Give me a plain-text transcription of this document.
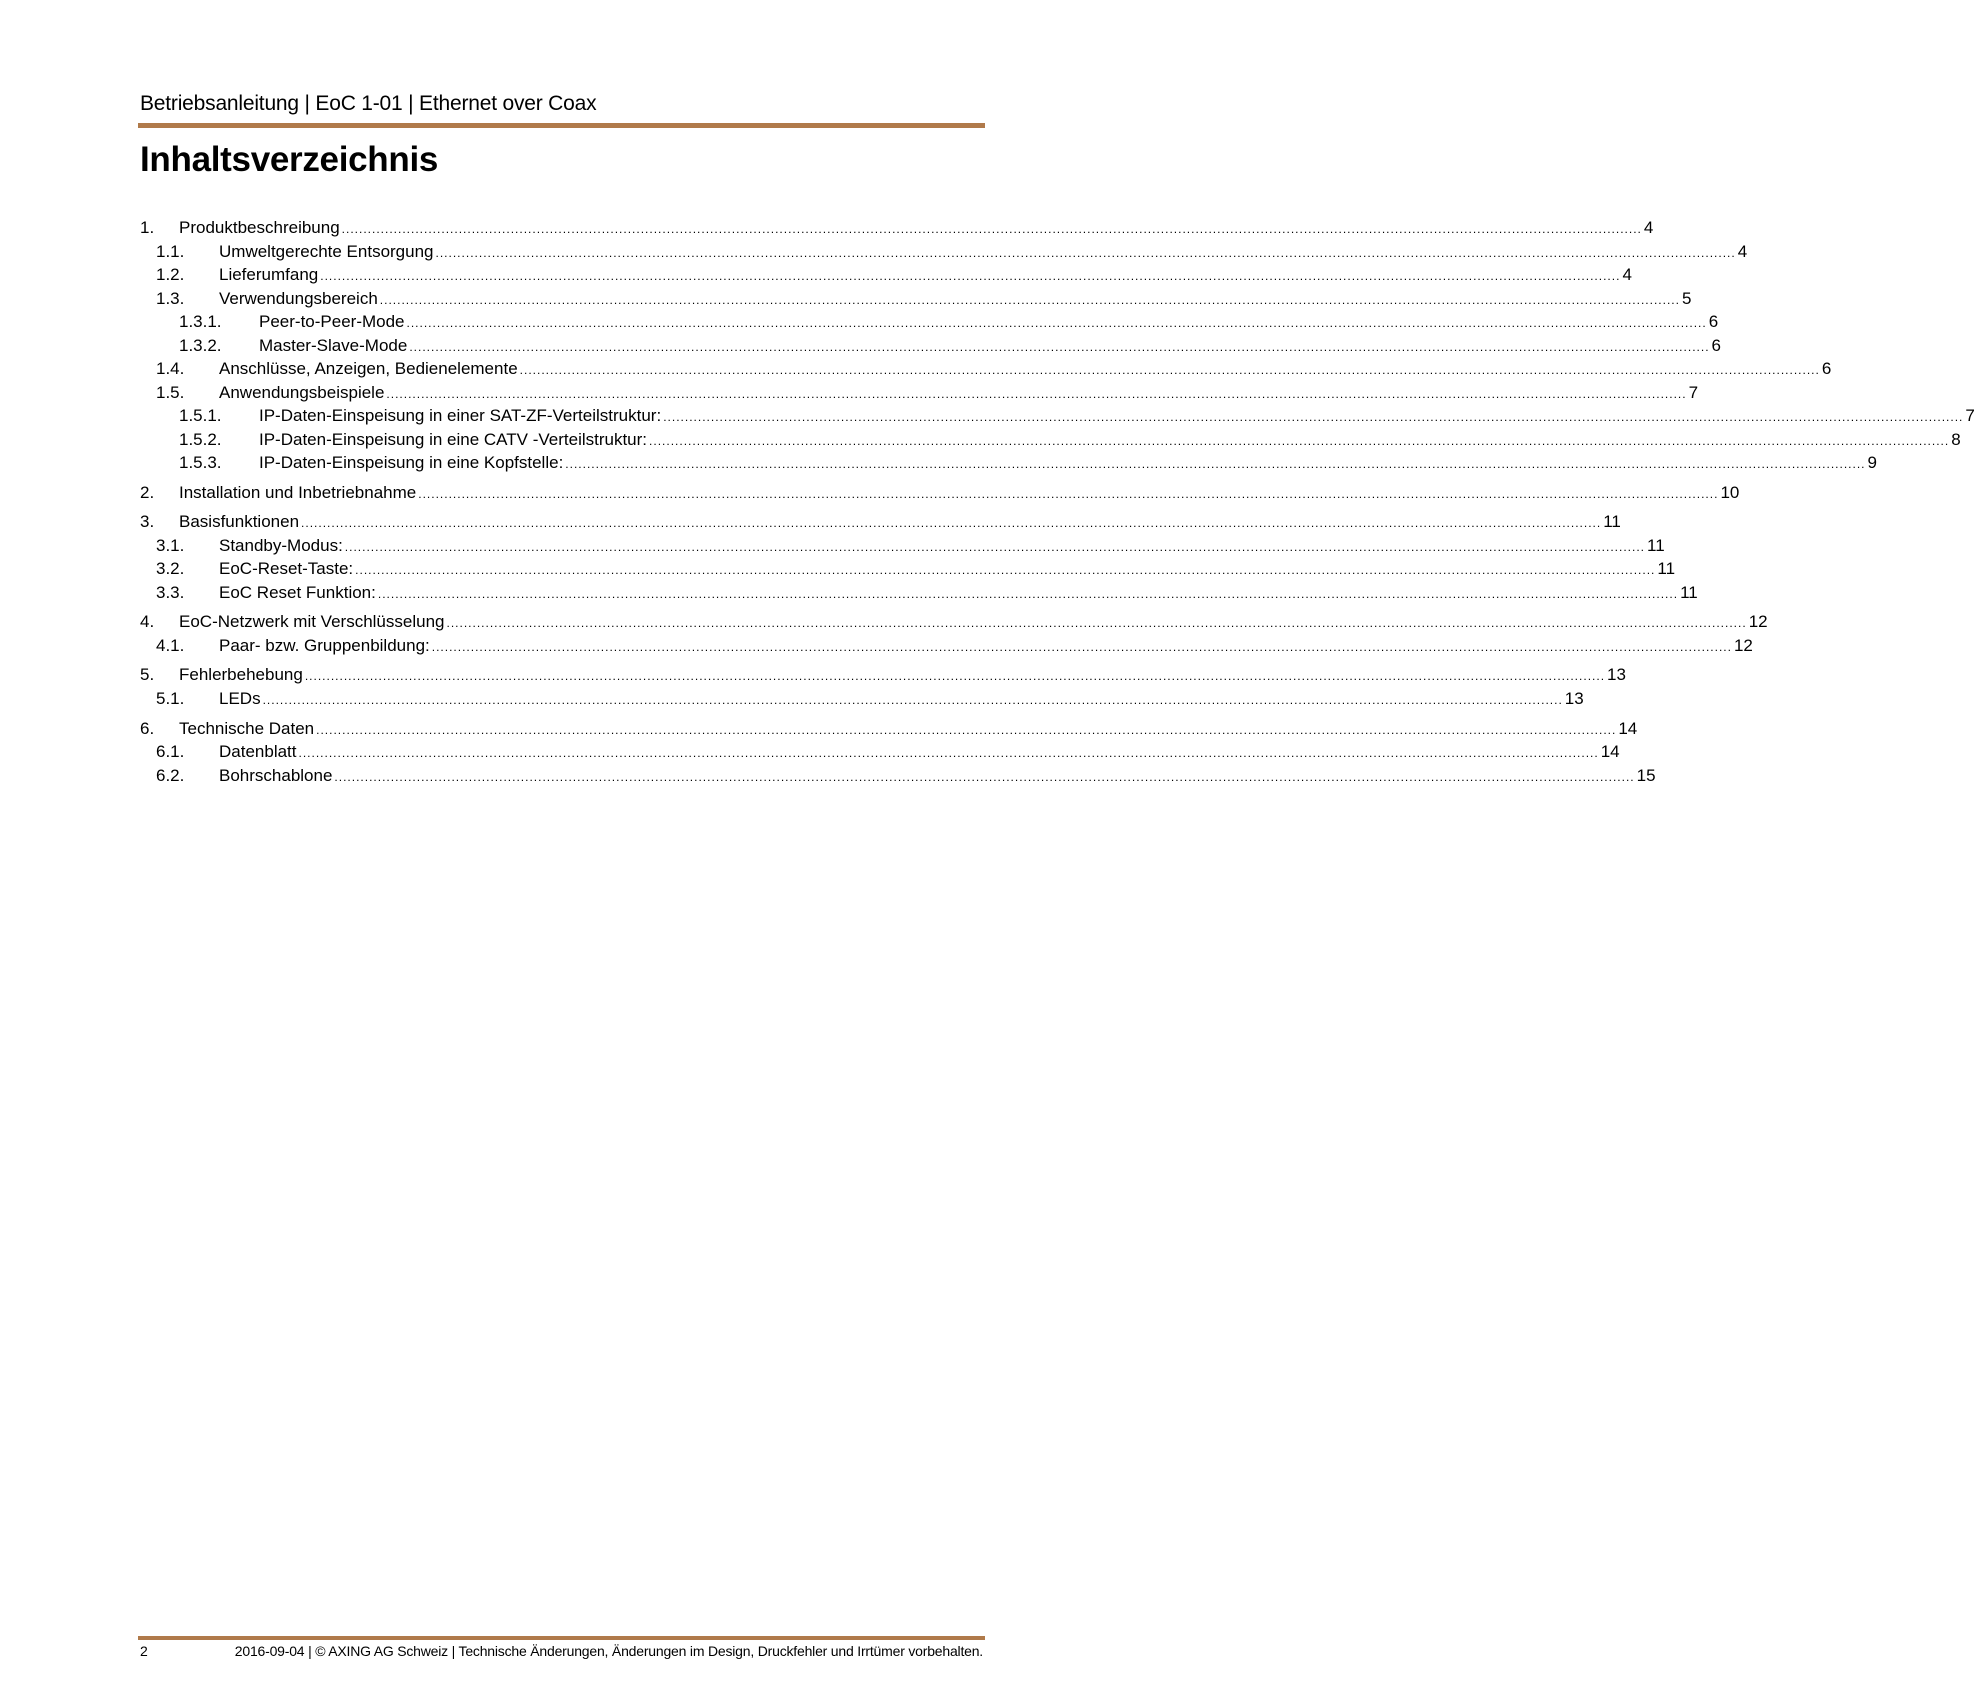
Betriebsanleitung | EoC 1-01 | Ethernet over Coax
Inhaltsverzeichnis
1. Produktbeschreibung ............................................................................................................................................................................................................................................................................................................ 4
1.1. Umweltgerechte Entsorgung ............................................................................................................................................................................................................................................................................................................ 4
1.2. Lieferumfang ............................................................................................................................................................................................................................................................................................................ 4
1.3. Verwendungsbereich ............................................................................................................................................................................................................................................................................................................ 5
1.3.1. Peer-to-Peer-Mode ............................................................................................................................................................................................................................................................................................................ 6
1.3.2. Master-Slave-Mode ............................................................................................................................................................................................................................................................................................................ 6
1.4. Anschlüsse, Anzeigen, Bedienelemente ............................................................................................................................................................................................................................................................................................................ 6
1.5. Anwendungsbeispiele ............................................................................................................................................................................................................................................................................................................ 7
1.5.1. IP-Daten-Einspeisung in einer SAT-ZF-Verteilstruktur: ............................................................................................................................................................................................................................................................................................................ 7
1.5.2. IP-Daten-Einspeisung in eine CATV -Verteilstruktur: ............................................................................................................................................................................................................................................................................................................ 8
1.5.3. IP-Daten-Einspeisung in eine Kopfstelle: ............................................................................................................................................................................................................................................................................................................ 9
2. Installation und Inbetriebnahme ............................................................................................................................................................................................................................................................................................................ 10
3. Basisfunktionen ............................................................................................................................................................................................................................................................................................................ 11
3.1. Standby-Modus: ............................................................................................................................................................................................................................................................................................................ 11
3.2. EoC-Reset-Taste: ............................................................................................................................................................................................................................................................................................................ 11
3.3. EoC Reset Funktion: ............................................................................................................................................................................................................................................................................................................ 11
4. EoC-Netzwerk mit Verschlüsselung ............................................................................................................................................................................................................................................................................................................ 12
4.1. Paar- bzw. Gruppenbildung: ............................................................................................................................................................................................................................................................................................................ 12
5. Fehlerbehebung ............................................................................................................................................................................................................................................................................................................ 13
5.1. LEDs ............................................................................................................................................................................................................................................................................................................ 13
6. Technische Daten ............................................................................................................................................................................................................................................................................................................ 14
6.1. Datenblatt ............................................................................................................................................................................................................................................................................................................ 14
6.2. Bohrschablone ............................................................................................................................................................................................................................................................................................................ 15
2	2016-09-04 | © AXING AG Schweiz | Technische Änderungen, Änderungen im Design, Druckfehler und Irrtümer vorbehalten.
